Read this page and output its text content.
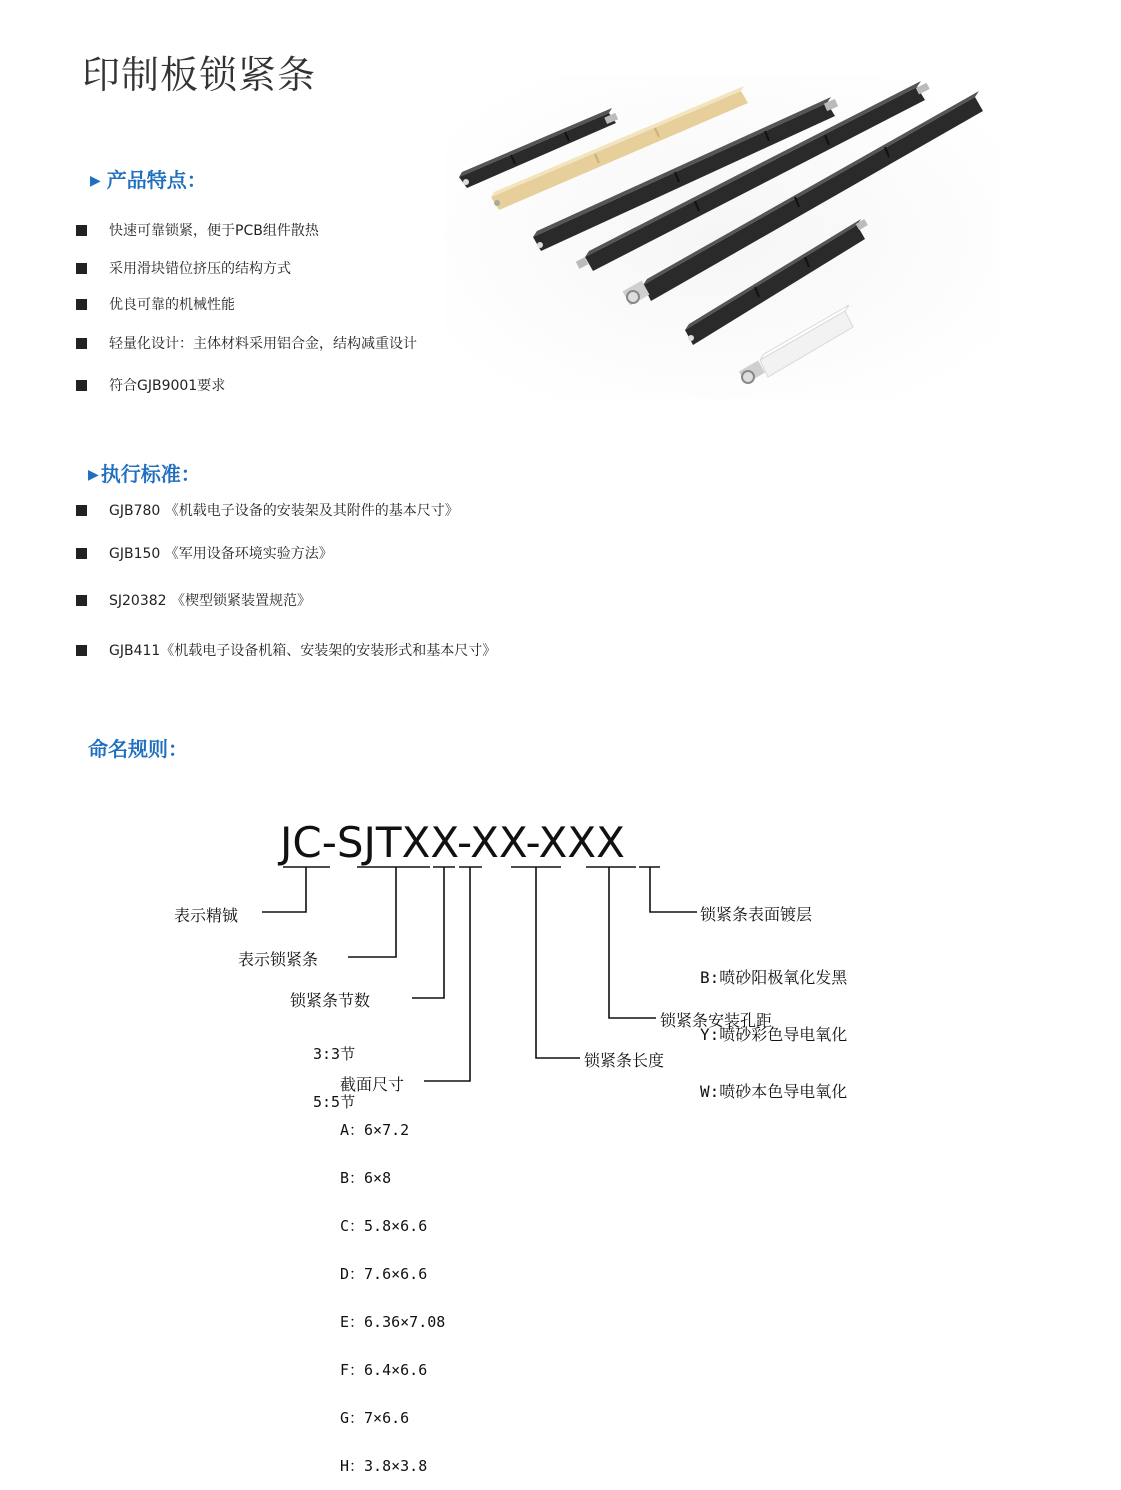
印制板锁紧条
▶ 产品特点：
快速可靠锁紧，便于PCB组件散热
采用滑块错位挤压的结构方式
优良可靠的机械性能
轻量化设计：主体材料采用铝合金，结构减重设计
符合GJB9001要求
▶ 执行标准：
GJB780 《机载电子设备的安装架及其附件的基本尺寸》
GJB150 《军用设备环境实验方法》
SJ20382 《楔型锁紧装置规范》
GJB411《机载电子设备机箱、安装架的安装形式和基本尺寸》
命名规则：
JC-SJTXX-XX-XXX
表示精铖
表示锁紧条
锁紧条节数

3:3节

5:5节

截面尺寸

A：6×7.2

B：6×8

C：5.8×6.6

D：7.6×6.6

E：6.36×7.08

F：6.4×6.6

G：7×6.6

H：3.8×3.8

锁紧条长度
锁紧条安装孔距
锁紧条表面镀层

B:喷砂阳极氧化发黑

Y:喷砂彩色导电氧化

W:喷砂本色导电氧化
